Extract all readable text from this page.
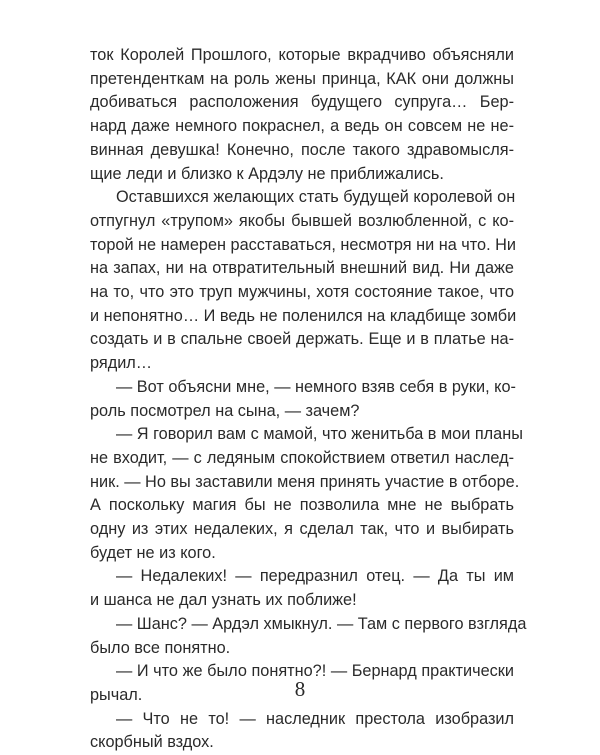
ток Королей Прошлого, которые вкрадчиво объясняли
претенденткам на роль жены принца, КАК они должны
добиваться расположения будущего супруга… Бер-
нард даже немного покраснел, а ведь он совсем не не-
винная девушка! Конечно, после такого здравомысля-
щие леди и близко к Ардэлу не приближались.
Оставшихся желающих стать будущей королевой он
отпугнул «трупом» якобы бывшей возлюбленной, с ко-
торой не намерен расставаться, несмотря ни на что. Ни
на запах, ни на отвратительный внешний вид. Ни даже
на то, что это труп мужчины, хотя состояние такое, что
и непонятно… И ведь не поленился на кладбище зомби
создать и в спальне своей держать. Еще и в платье на-
рядил…
— Вот объясни мне, — немного взяв себя в руки, ко-
роль посмотрел на сына, — зачем?
— Я говорил вам с мамой, что женитьба в мои планы
не входит, — с ледяным спокойствием ответил наслед-
ник. — Но вы заставили меня принять участие в отборе.
А поскольку магия бы не позволила мне не выбрать
одну из этих недалеких, я сделал так, что и выбирать
будет не из кого.
— Недалеких! — передразнил отец. — Да ты им
и шанса не дал узнать их поближе!
— Шанс? — Ардэл хмыкнул. — Там с первого взгляда
было все понятно.
— И что же было понятно?! — Бернард практически
рычал.
— Что не то! — наследник престола изобразил
скорбный вздох.
8
